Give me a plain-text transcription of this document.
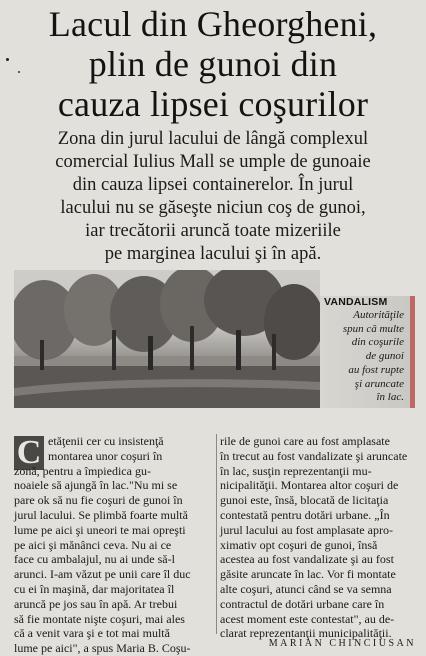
Lacul din Gheorgheni,
plin de gunoi din
cauza lipsei coşurilor
Zona din jurul lacului de lângă complexul
comercial Iulius Mall se umple de gunoaie
din cauza lipsei containerelor. În jurul
lacului nu se găseşte niciun coş de gunoi,
iar trecătorii aruncă toate mizeriile
pe marginea lacului şi în apă.
VANDALISM
Autorităţile
spun că multe
din coşurile
de gunoi
au fost rupte
şi aruncate
în lac.
C etăţenii cer cu insistenţă
montarea unor coşuri în
zonă, pentru a împiedica gu-
noaiele să ajungă în lac."Nu mi se
pare ok să nu fie coşuri de gunoi în
jurul lacului. Se plimbă foarte multă
lume pe aici şi uneori te mai opreşti
pe aici şi mănânci ceva. Nu ai ce
face cu ambalajul, nu ai unde să-l
arunci. I-am văzut pe unii care îl duc
cu ei în maşină, dar majoritatea îl
aruncă pe jos sau în apă. Ar trebui
să fie montate nişte coşuri, mai ales
că a venit vara şi e tot mai multă
lume pe aici", a spus Maria B. Coşu-
rile de gunoi care au fost amplasate
în trecut au fost vandalizate şi aruncate
în lac, susţin reprezentanţii mu-
nicipalităţii. Montarea altor coşuri de
gunoi este, însă, blocată de licitaţia
contestată pentru dotări urbane. „În
jurul lacului au fost amplasate apro-
ximativ opt coşuri de gunoi, însă
acestea au fost vandalizate şi au fost
găsite aruncate în lac. Vor fi montate
alte coşuri, atunci când se va semna
contractul de dotări urbane care în
acest moment este contestat", au de-
clarat reprezentanţii municipalităţii.
MARIAN CHINCIUSAN
